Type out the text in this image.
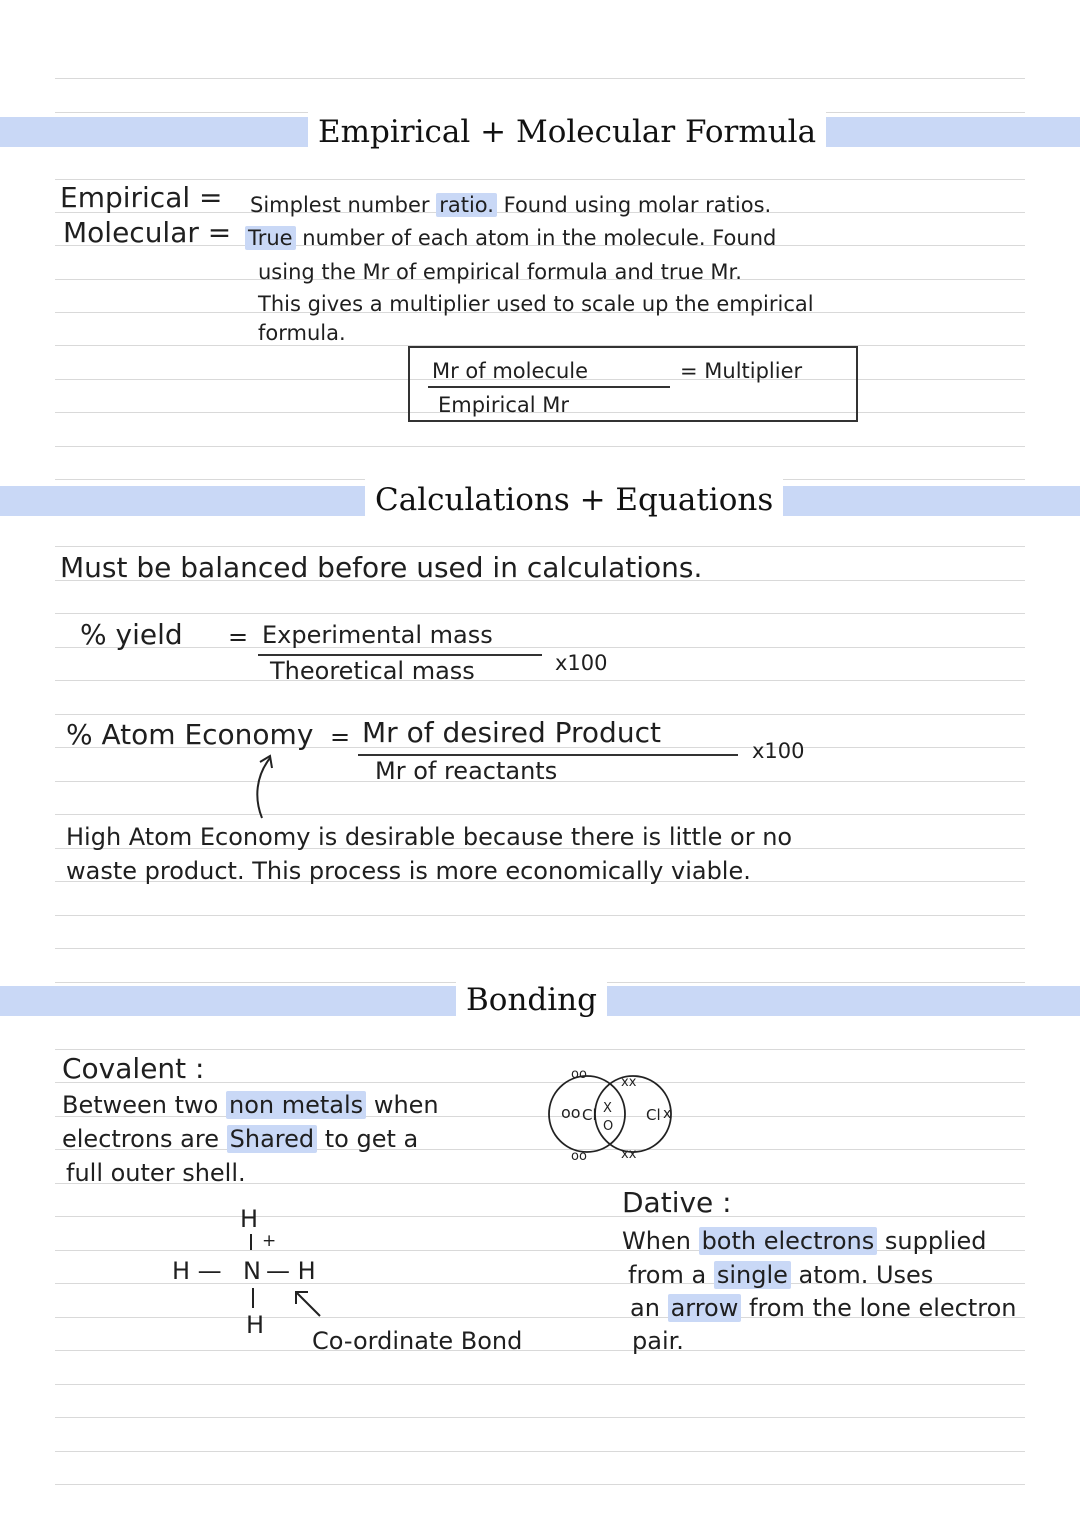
Empirical + Molecular Formula
Empirical = Simplest number ratio. Found using molar ratios.
Molecular = True number of each atom in the molecule. Found
using the Mr of empirical formula and true Mr.
This gives a multiplier used to scale up the empirical
formula.
Mr of molecule
Empirical Mr
= Multiplier
Calculations + Equations
Must be balanced before used in calculations.
% yield = Experimental mass
Theoretical mass	x100
% Atom Economy = Mr of desired Product
Mr of reactants
x100
High Atom Economy is desirable because there is little or no
waste product. This process is more economically viable.
Bonding
Covalent :
Between two non metals when
electrons are Shared to get a
full outer shell.
oo
xx
oo
oo	xx
x
Cl	Cl
X
O
H
+
H — N — H
H
Co-ordinate Bond
Dative :
When both electrons supplied
from a single atom. Uses
an arrow from the lone electron
pair.
